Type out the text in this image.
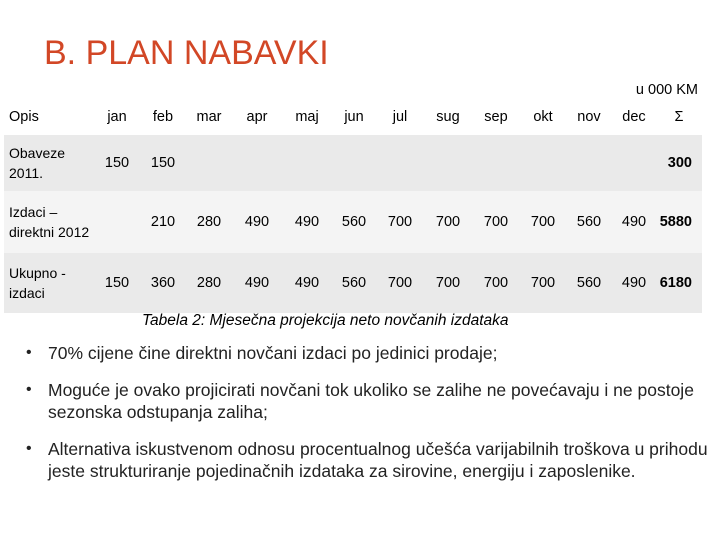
B. PLAN NABAVKI
u 000 KM
Opis	jan	feb	mar	apr	maj	jun	jul	sug	sep	okt	nov	dec	Σ
Obaveze 2011.	150	150											300
Izdaci – direktni 2012		210	280	490	490	560	700	700	700	700	560	490	5880
Ukupno - izdaci	150	360	280	490	490	560	700	700	700	700	560	490	6180
Tabela 2: Mjesečna projekcija neto novčanih izdataka
• 70% cijene čine direktni novčani izdaci po jedinici prodaje;
• Moguće je ovako projicirati novčani tok ukoliko se zalihe ne povećavaju i ne postoje sezonska odstupanja zaliha;
• Alternativa iskustvenom odnosu procentualnog učešća varijabilnih troškova u prihodu jeste strukturiranje pojedinačnih izdataka za sirovine, energiju i zaposlenike.
